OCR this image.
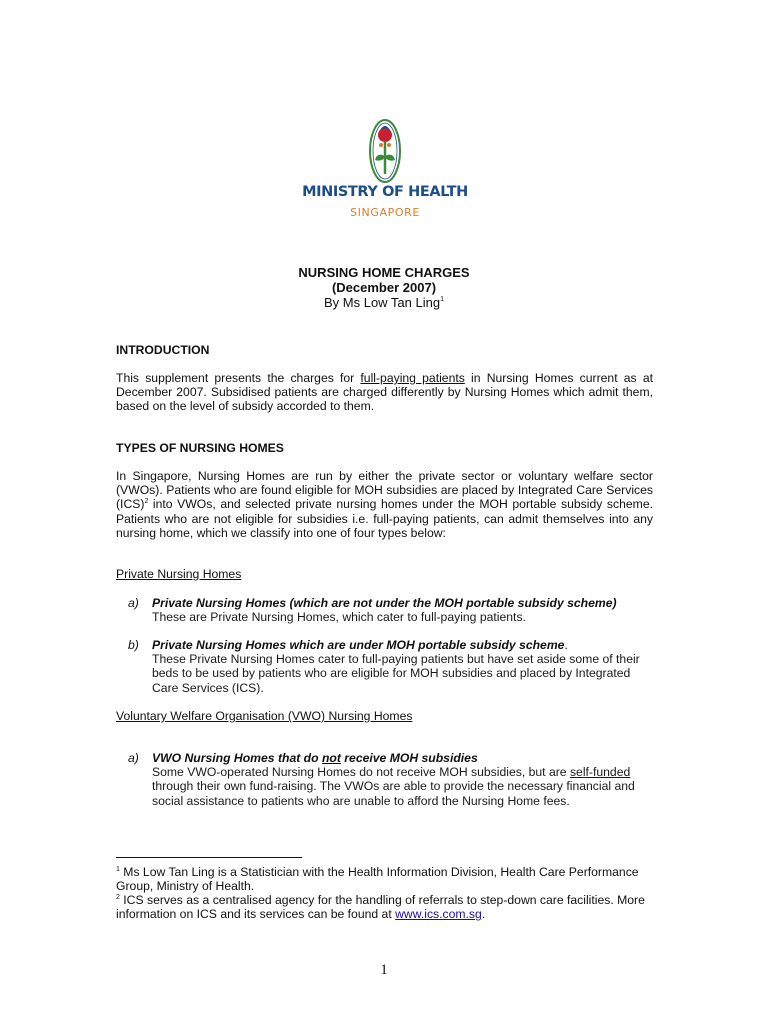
MINISTRY OF HEALTH
SINGAPORE
NURSING HOME CHARGES
(December 2007)
By Ms Low Tan Ling$^1$
INTRODUCTION
This supplement presents the charges for full-paying patients in Nursing Homes current as at December 2007. Subsidised patients are charged differently by Nursing Homes which admit them, based on the level of subsidy accorded to them.
TYPES OF NURSING HOMES
In Singapore, Nursing Homes are run by either the private sector or voluntary welfare sector (VWOs). Patients who are found eligible for MOH subsidies are placed by Integrated Care Services (ICS)$^2$ into VWOs, and selected private nursing homes under the MOH portable subsidy scheme. Patients who are not eligible for subsidies i.e. full-paying patients, can admit themselves into any nursing home, which we classify into one of four types below:
Private Nursing Homes
a) Private Nursing Homes (which are not under the MOH portable subsidy scheme)
These are Private Nursing Homes, which cater to full-paying patients.
b) Private Nursing Homes which are under MOH portable subsidy scheme.
These Private Nursing Homes cater to full-paying patients but have set aside some of their beds to be used by patients who are eligible for MOH subsidies and placed by Integrated Care Services (ICS).
Voluntary Welfare Organisation (VWO) Nursing Homes
a) VWO Nursing Homes that do not receive MOH subsidies
Some VWO-operated Nursing Homes do not receive MOH subsidies, but are self-funded through their own fund-raising. The VWOs are able to provide the necessary financial and social assistance to patients who are unable to afford the Nursing Home fees.
$^1$ Ms Low Tan Ling is a Statistician with the Health Information Division, Health Care Performance Group, Ministry of Health.
$^2$ ICS serves as a centralised agency for the handling of referrals to step-down care facilities. More information on ICS and its services can be found at www.ics.com.sg.
1
